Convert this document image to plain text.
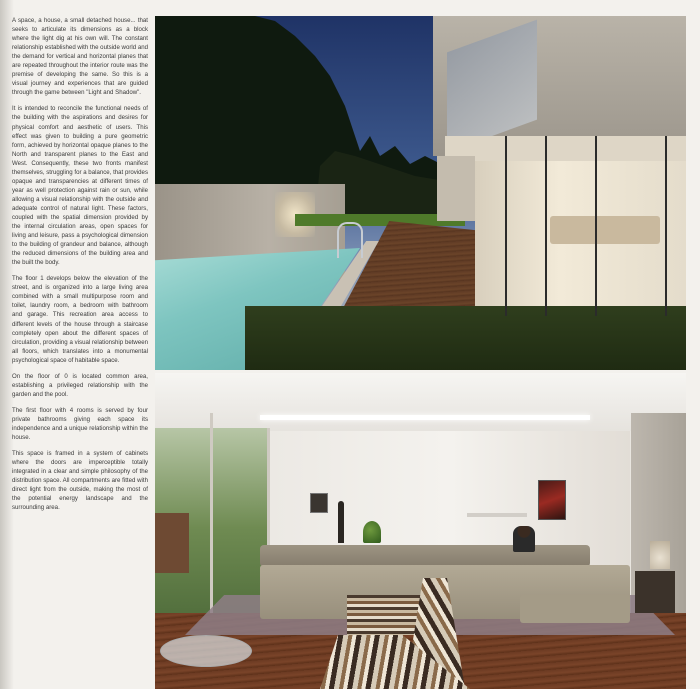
A space, a house, a small detached house... that seeks to articulate its dimensions as a block where the light dig at his own will. The constant relationship established with the outside world and the demand for vertical and horizontal planes that are repeated throughout the interior route was the premise of developing the same. So this is a visual journey and experiences that are guided through the game between "Light and Shadow".

It is intended to reconcile the functional needs of the building with the aspirations and desires for physical comfort and aesthetic of users. This effect was given to building a pure geometric form, achieved by horizontal opaque planes to the North and transparent planes to the East and West. Consequently, these two fronts manifest themselves, struggling for a balance, that provides opaque and transparencies at different times of year as well protection against rain or sun, while allowing a visual relationship with the outside and adequate control of natural light. These factors, coupled with the spatial dimension provided by the internal circulation areas, open spaces for living and leisure, pass a psychological dimension to the building of grandeur and balance, although the reduced dimensions of the building area and the built the body.

The floor 1 develops below the elevation of the street, and is organized into a large living area combined with a small multipurpose room and toilet, laundry room, a bedroom with bathroom and garage. This recreation area access to different levels of the house through a staircase completely open about the different spaces of circulation, providing a visual relationship between all floors, which translates into a monumental psychological space of habitable space.

On the floor of 0 is located common area, establishing a privileged relationship with the garden and the pool.

The first floor with 4 rooms is served by four private bathrooms giving each space its independence and a unique relationship within the house.

This space is framed in a system of cabinets where the doors are imperceptible totally integrated in a clear and simple philosophy of the distribution space. All compartments are fitted with direct light from the outside, making the most of the potential energy landscape and the surrounding area.
